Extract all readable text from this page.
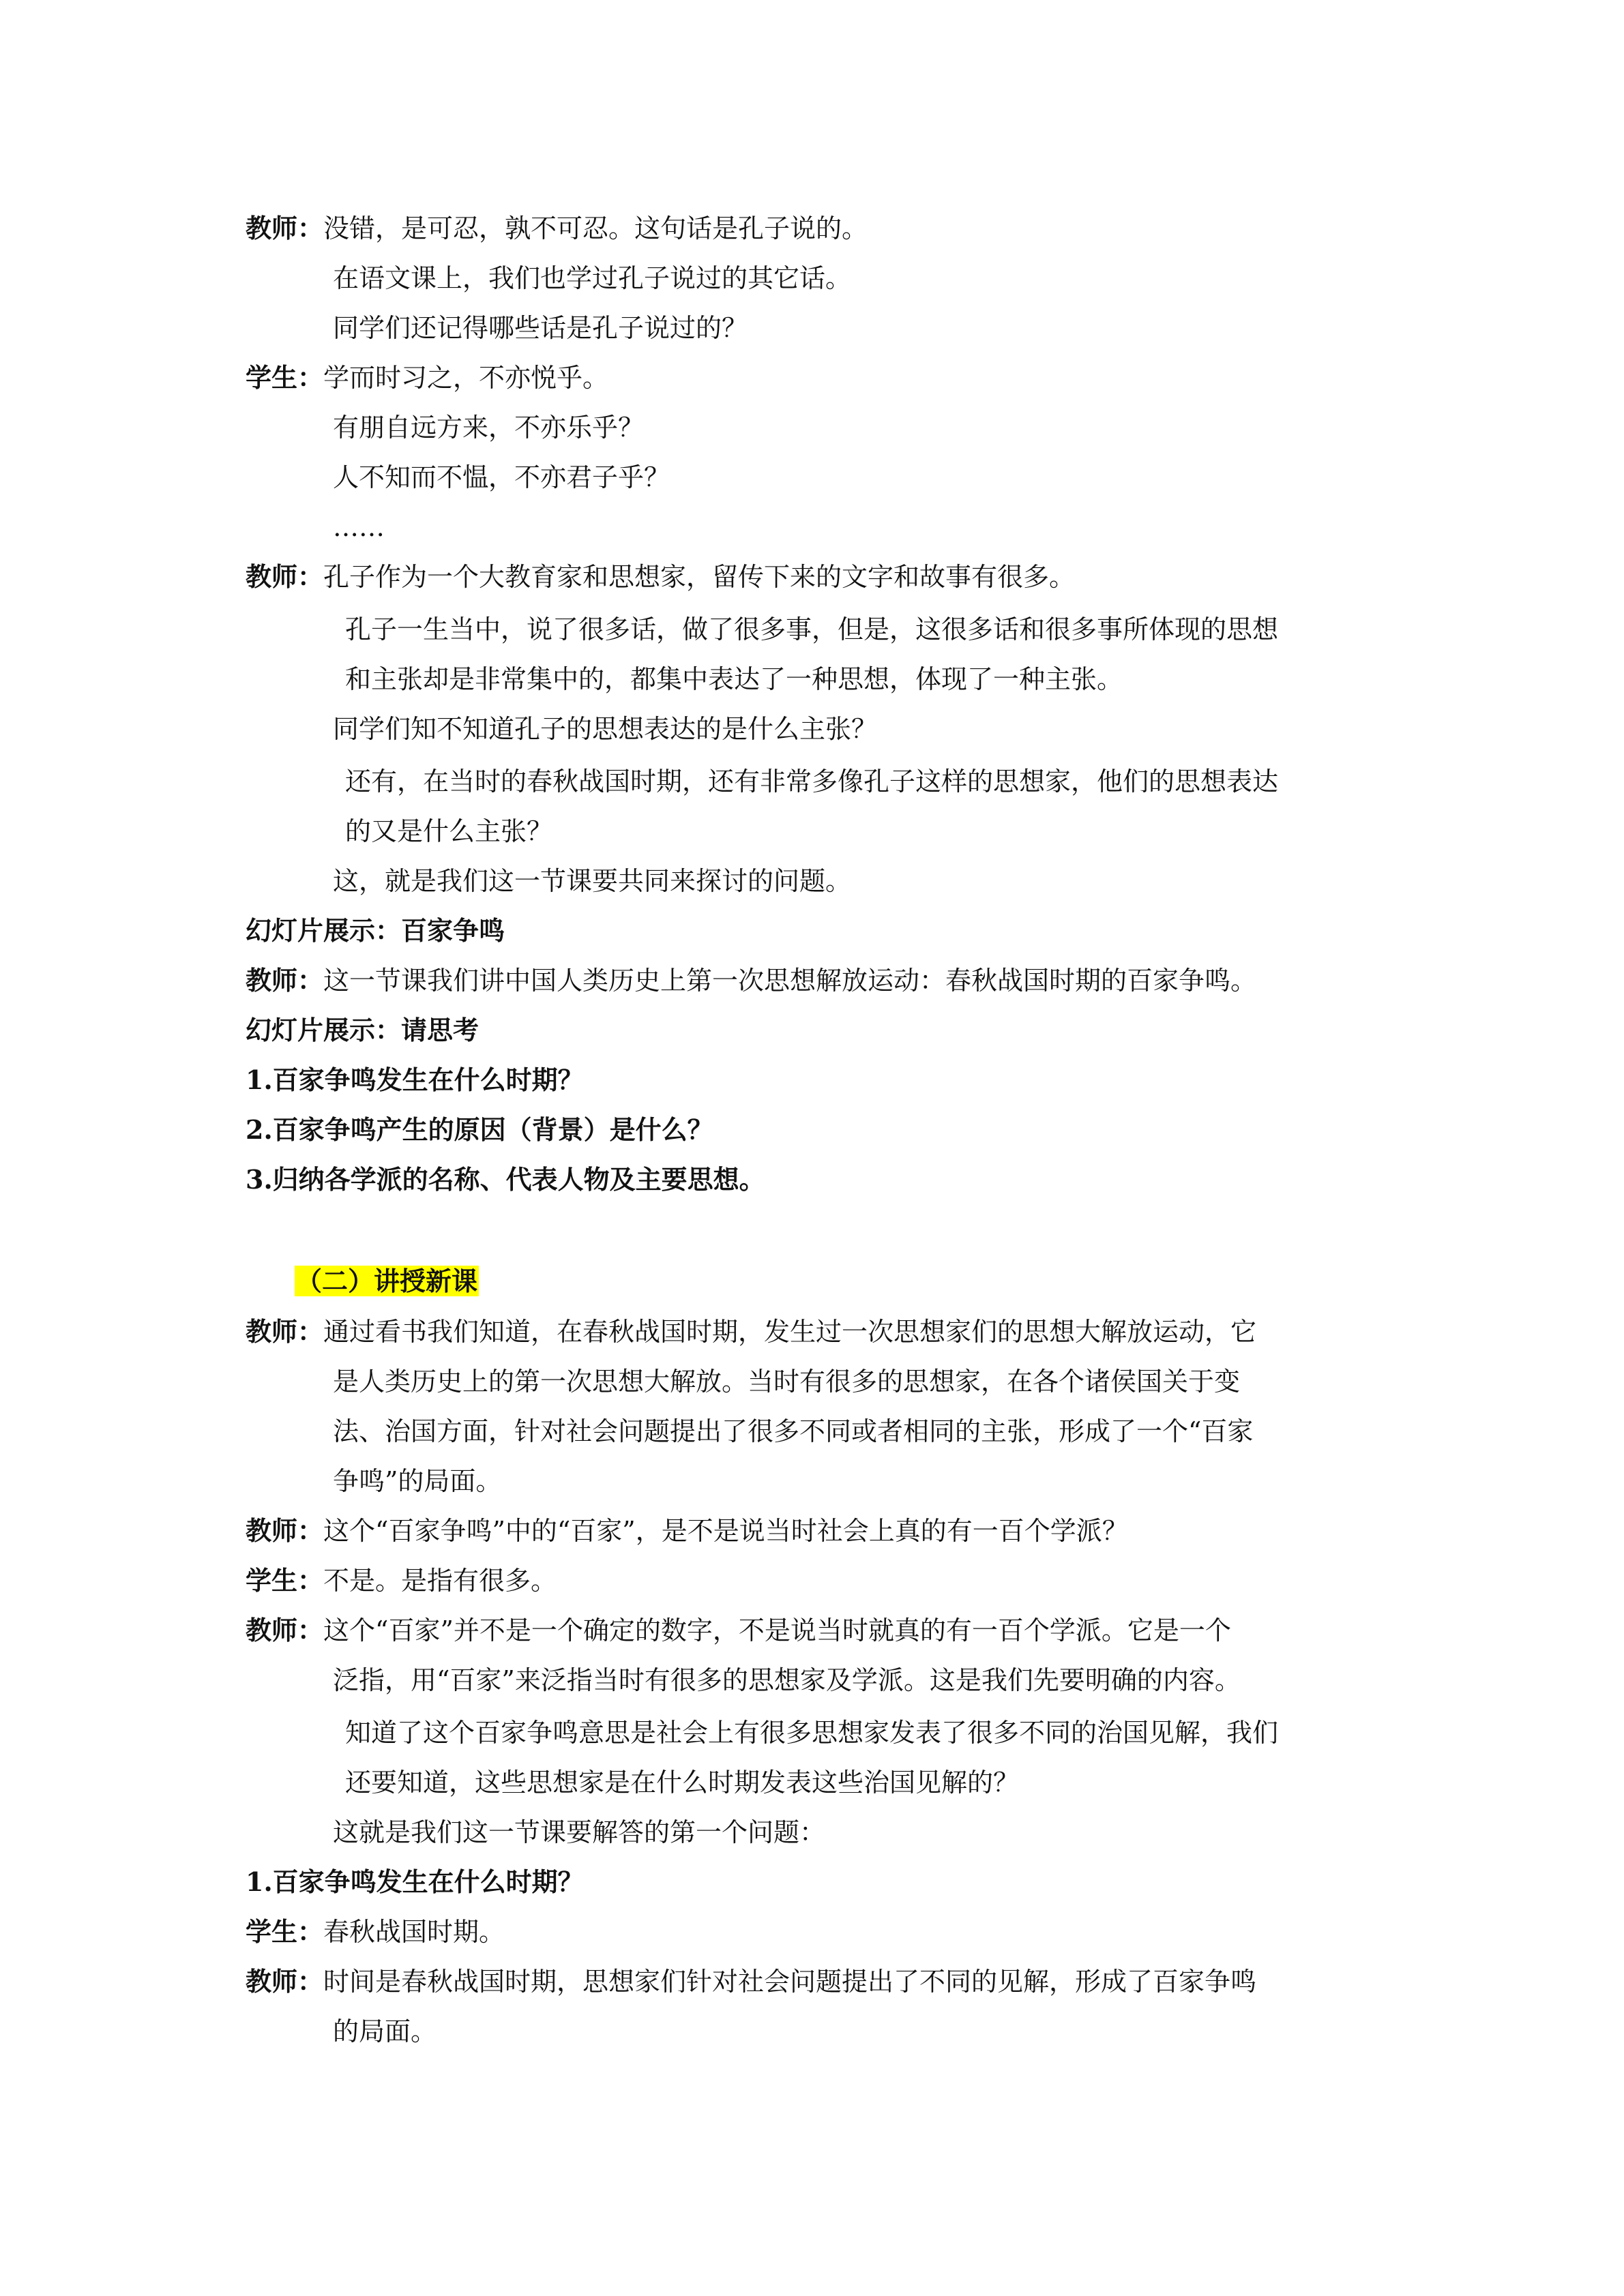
教师：没错，是可忍，孰不可忍。这句话是孔子说的。
在语文课上，我们也学过孔子说过的其它话。
同学们还记得哪些话是孔子说过的？
学生：学而时习之，不亦悦乎。
有朋自远方来，不亦乐乎？
人不知而不愠，不亦君子乎？
……
教师：孔子作为一个大教育家和思想家，留传下来的文字和故事有很多。
孔子一生当中，说了很多话，做了很多事，但是，这很多话和很多事所体现的思想
和主张却是非常集中的，都集中表达了一种思想，体现了一种主张。
同学们知不知道孔子的思想表达的是什么主张？
还有，在当时的春秋战国时期，还有非常多像孔子这样的思想家，他们的思想表达
的又是什么主张？
这，就是我们这一节课要共同来探讨的问题。
幻灯片展示：百家争鸣
教师：这一节课我们讲中国人类历史上第一次思想解放运动：春秋战国时期的百家争鸣。
幻灯片展示：请思考
1.百家争鸣发生在什么时期？
2.百家争鸣产生的原因（背景）是什么？
3.归纳各学派的名称、代表人物及主要思想。
（二）讲授新课
教师：通过看书我们知道，在春秋战国时期，发生过一次思想家们的思想大解放运动，它
是人类历史上的第一次思想大解放。当时有很多的思想家，在各个诸侯国关于变
法、治国方面，针对社会问题提出了很多不同或者相同的主张，形成了一个“百家
争鸣”的局面。
教师：这个“百家争鸣”中的“百家”，是不是说当时社会上真的有一百个学派？
学生：不是。是指有很多。
教师：这个“百家”并不是一个确定的数字，不是说当时就真的有一百个学派。它是一个
泛指，用“百家”来泛指当时有很多的思想家及学派。这是我们先要明确的内容。
知道了这个百家争鸣意思是社会上有很多思想家发表了很多不同的治国见解，我们
还要知道，这些思想家是在什么时期发表这些治国见解的？
这就是我们这一节课要解答的第一个问题：
1.百家争鸣发生在什么时期？
学生：春秋战国时期。
教师：时间是春秋战国时期，思想家们针对社会问题提出了不同的见解，形成了百家争鸣
的局面。
